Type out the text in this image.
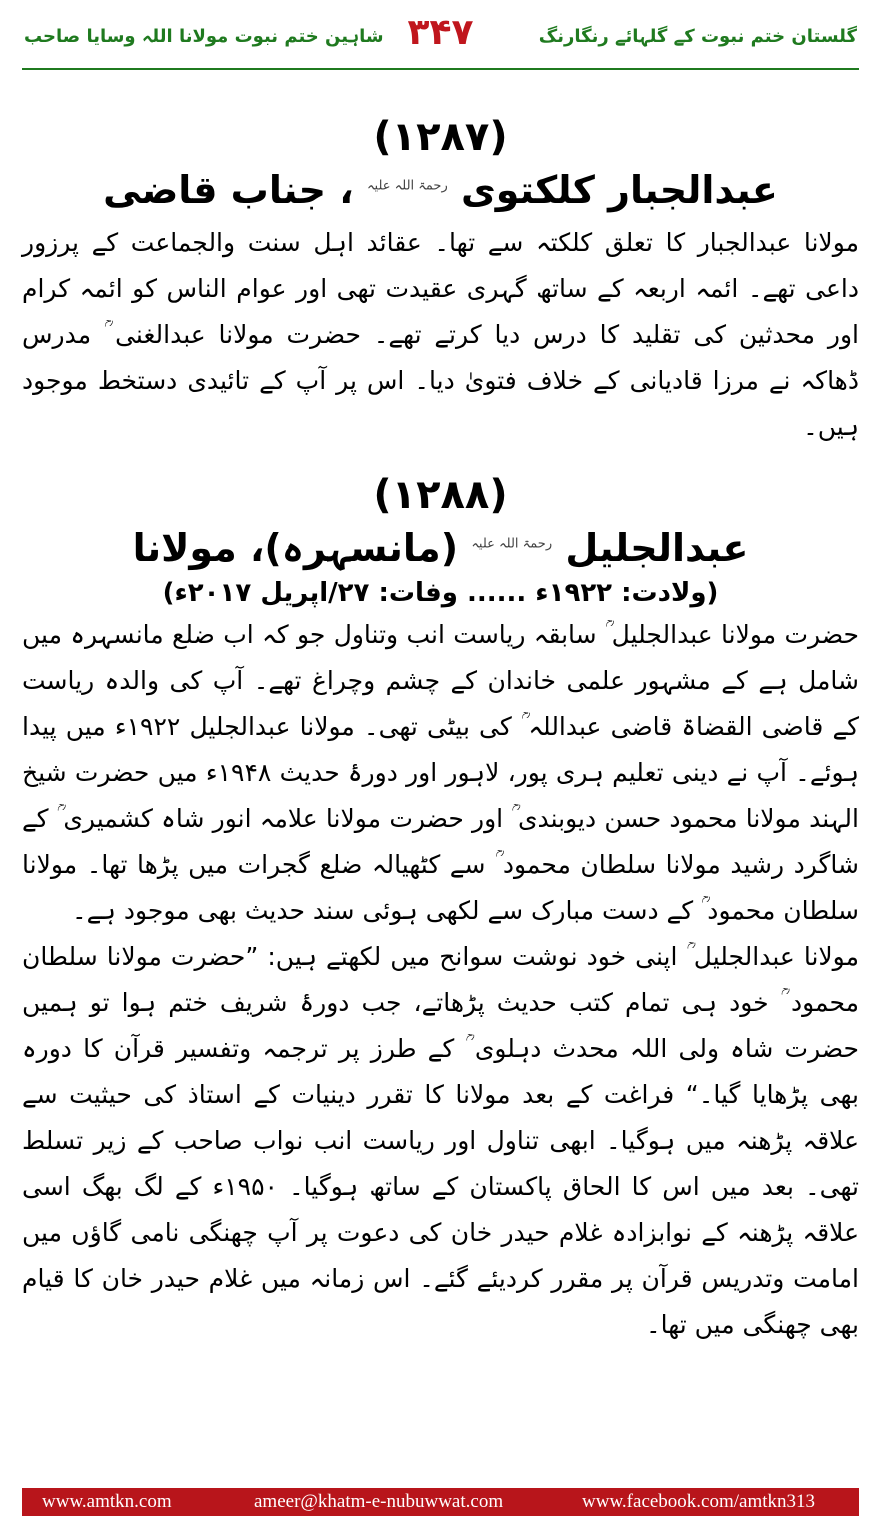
گلستان ختم نبوت کے گلہائے رنگارنگ
۳۴۷
شاہین ختم نبوت مولانا اللہ وسایا صاحب
(۱۲۸۷)
عبدالجبار کلکتوی $^{رحمۃ اللہ علیہ}$ ، جناب قاضی

مولانا عبدالجبار کا تعلق کلکتہ سے تھا۔ عقائد اہل سنت والجماعت کے پرزور داعی تھے۔ ائمہ اربعہ کے ساتھ گہری عقیدت تھی اور عوام الناس کو ائمہ کرام اور محدثین کی تقلید کا درس دیا کرتے تھے۔ حضرت مولانا عبدالغنی ؒ مدرس ڈھاکہ نے مرزا قادیانی کے خلاف فتویٰ دیا۔ اس پر آپ کے تائیدی دستخط موجود ہیں۔

(۱۲۸۸)
عبدالجلیل $^{رحمۃ اللہ علیہ}$ (مانسہرہ)، مولانا
(ولادت: ۱۹۲۲ء ...... وفات: ۲۷/اپریل ۲۰۱۷ء)

حضرت مولانا عبدالجلیل ؒ سابقہ ریاست انب وتناول جو کہ اب ضلع مانسہرہ میں شامل ہے کے مشہور علمی خاندان کے چشم وچراغ تھے۔ آپ کی والدہ ریاست کے قاضی القضاۃ قاضی عبداللہ ؒ کی بیٹی تھی۔ مولانا عبدالجلیل ۱۹۲۲ء میں پیدا ہوئے۔ آپ نے دینی تعلیم ہری پور، لاہور اور دورۂ حدیث ۱۹۴۸ء میں حضرت شیخ الہند مولانا محمود حسن دیوبندی ؒ اور حضرت مولانا علامہ انور شاہ کشمیری ؒ کے شاگرد رشید مولانا سلطان محمود ؒ سے کٹھیالہ ضلع گجرات میں پڑھا تھا۔ مولانا سلطان محمود ؒ کے دست مبارک سے لکھی ہوئی سند حدیث بھی موجود ہے۔

مولانا عبدالجلیل ؒ اپنی خود نوشت سوانح میں لکھتے ہیں: ”حضرت مولانا سلطان محمود ؒ خود ہی تمام کتب حدیث پڑھاتے، جب دورۂ شریف ختم ہوا تو ہمیں حضرت شاہ ولی اللہ محدث دہلوی ؒ کے طرز پر ترجمہ وتفسیر قرآن کا دورہ بھی پڑھایا گیا۔“ فراغت کے بعد مولانا کا تقرر دینیات کے استاذ کی حیثیت سے علاقہ پڑھنہ میں ہوگیا۔ ابھی تناول اور ریاست انب نواب صاحب کے زیر تسلط تھی۔ بعد میں اس کا الحاق پاکستان کے ساتھ ہوگیا۔ ۱۹۵۰ء کے لگ بھگ اسی علاقہ پڑھنہ کے نوابزادہ غلام حیدر خان کی دعوت پر آپ چھنگی نامی گاؤں میں امامت وتدریس قرآن پر مقرر کردیئے گئے۔ اس زمانہ میں غلام حیدر خان کا قیام بھی چھنگی میں تھا۔

www.amtkn.com	ameer@khatm-e-nubuwwat.com	www.facebook.com/amtkn313
